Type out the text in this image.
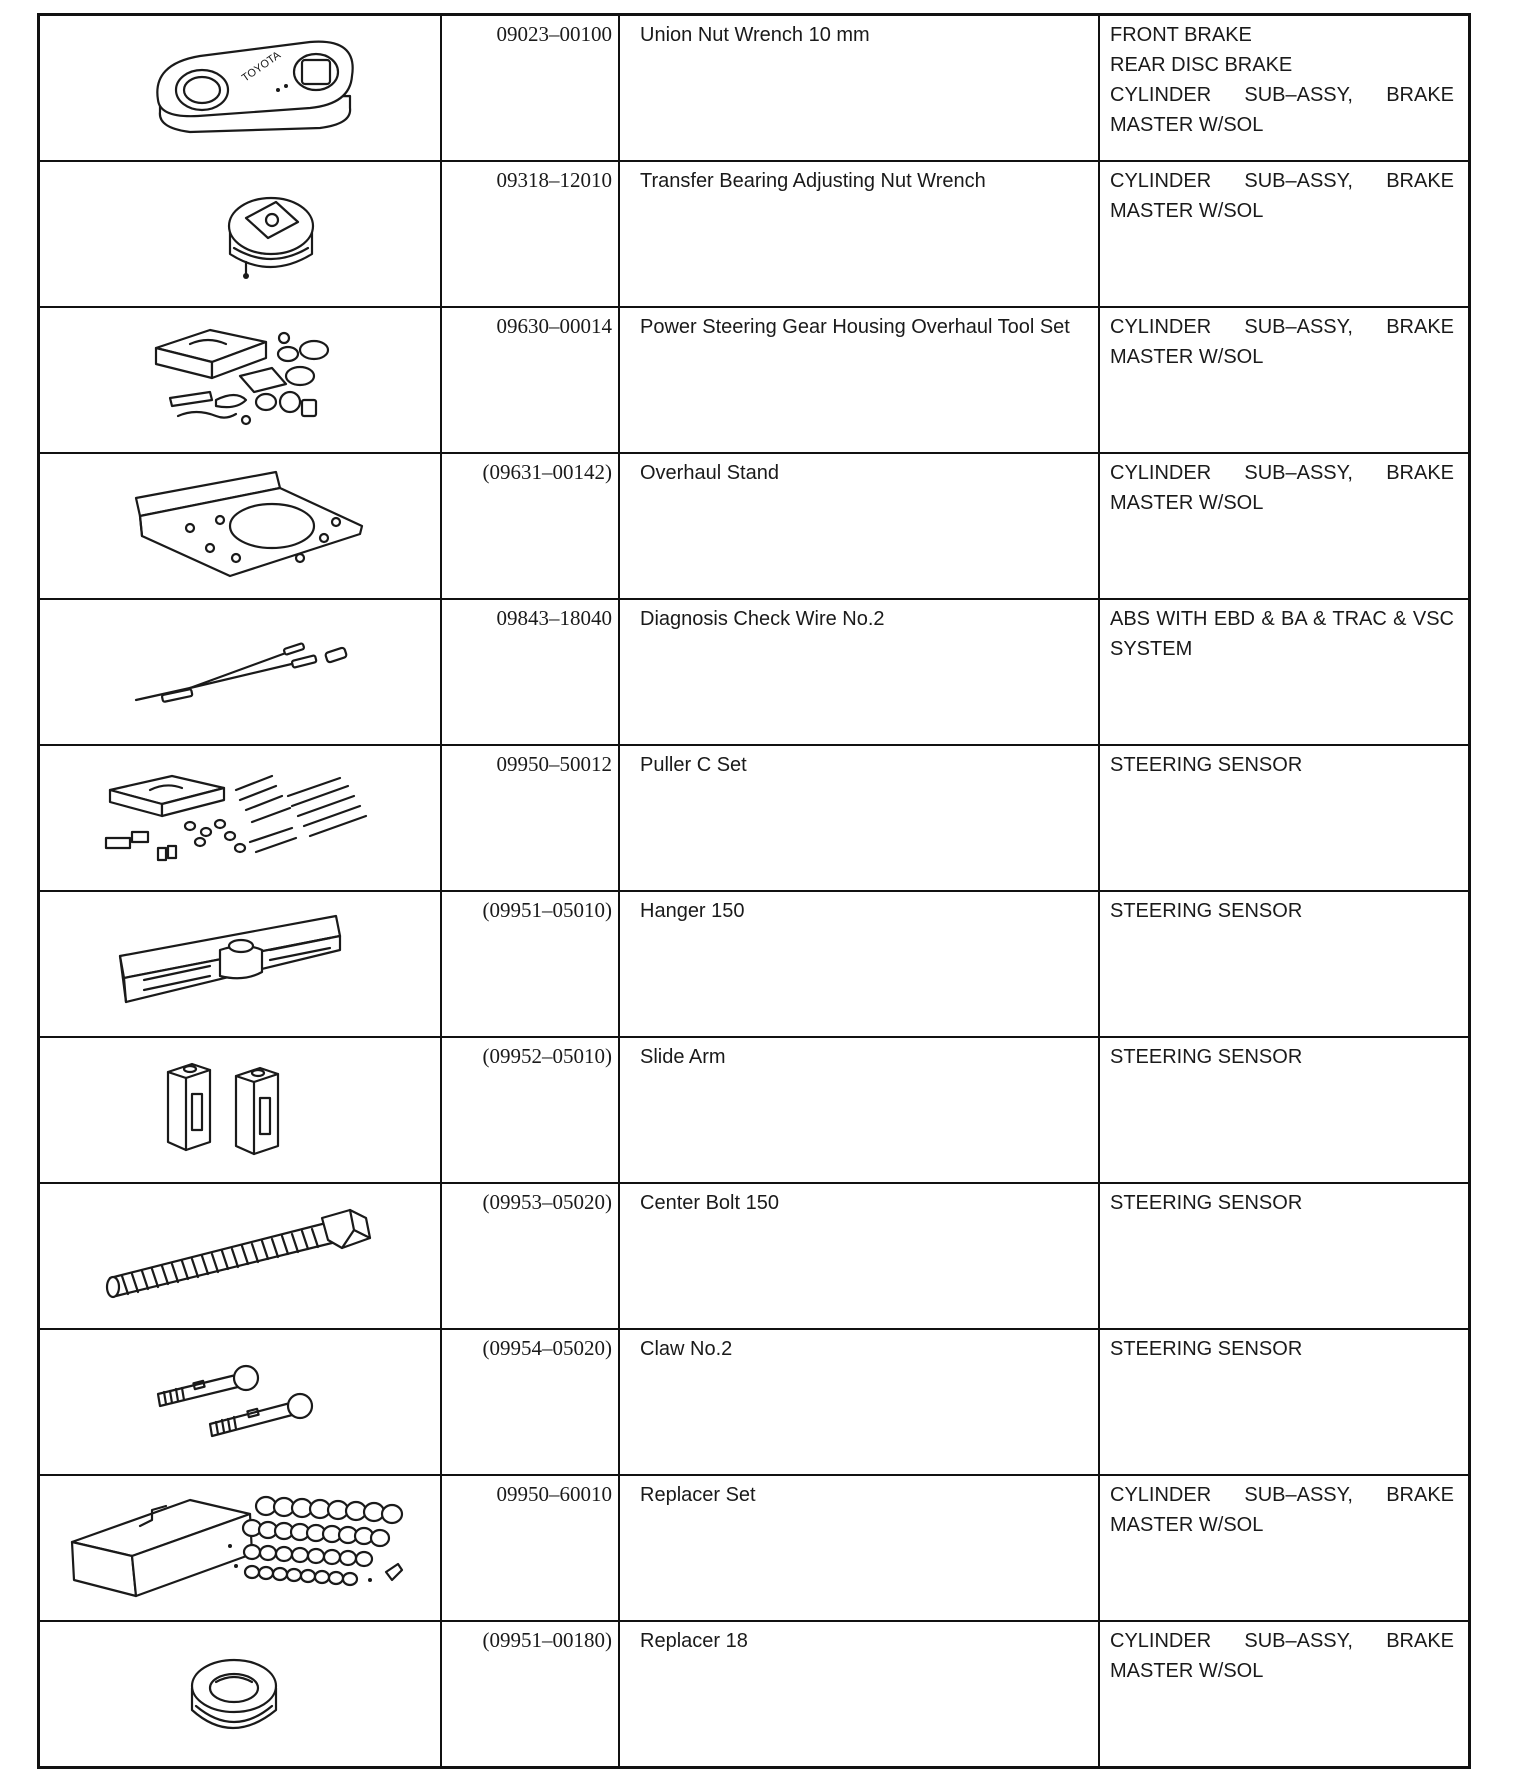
TOYOTA	09023–00100	Union Nut Wrench 10 mm	FRONT BRAKE
REAR DISC BRAKE
CYLINDER SUB–ASSY, BRAKE
MASTER W/SOL

	09318–12010	Transfer Bearing Adjusting Nut Wrench	CYLINDER SUB–ASSY, BRAKE
MASTER W/SOL

	09630–00014	Power Steering Gear Housing Overhaul Tool Set	CYLINDER SUB–ASSY, BRAKE
MASTER W/SOL

	(09631–00142)	Overhaul Stand	CYLINDER SUB–ASSY, BRAKE
MASTER W/SOL

	09843–18040	Diagnosis Check Wire No.2	ABS WITH EBD & BA & TRAC & VSC
SYSTEM

	09950–50012	Puller C Set	STEERING SENSOR

	(09951–05010)	Hanger 150	STEERING SENSOR

	(09952–05010)	Slide Arm	STEERING SENSOR

	(09953–05020)	Center Bolt 150	STEERING SENSOR

	(09954–05020)	Claw No.2	STEERING SENSOR

	09950–60010	Replacer Set	CYLINDER SUB–ASSY, BRAKE
MASTER W/SOL

	(09951–00180)	Replacer 18	CYLINDER SUB–ASSY, BRAKE
MASTER W/SOL
